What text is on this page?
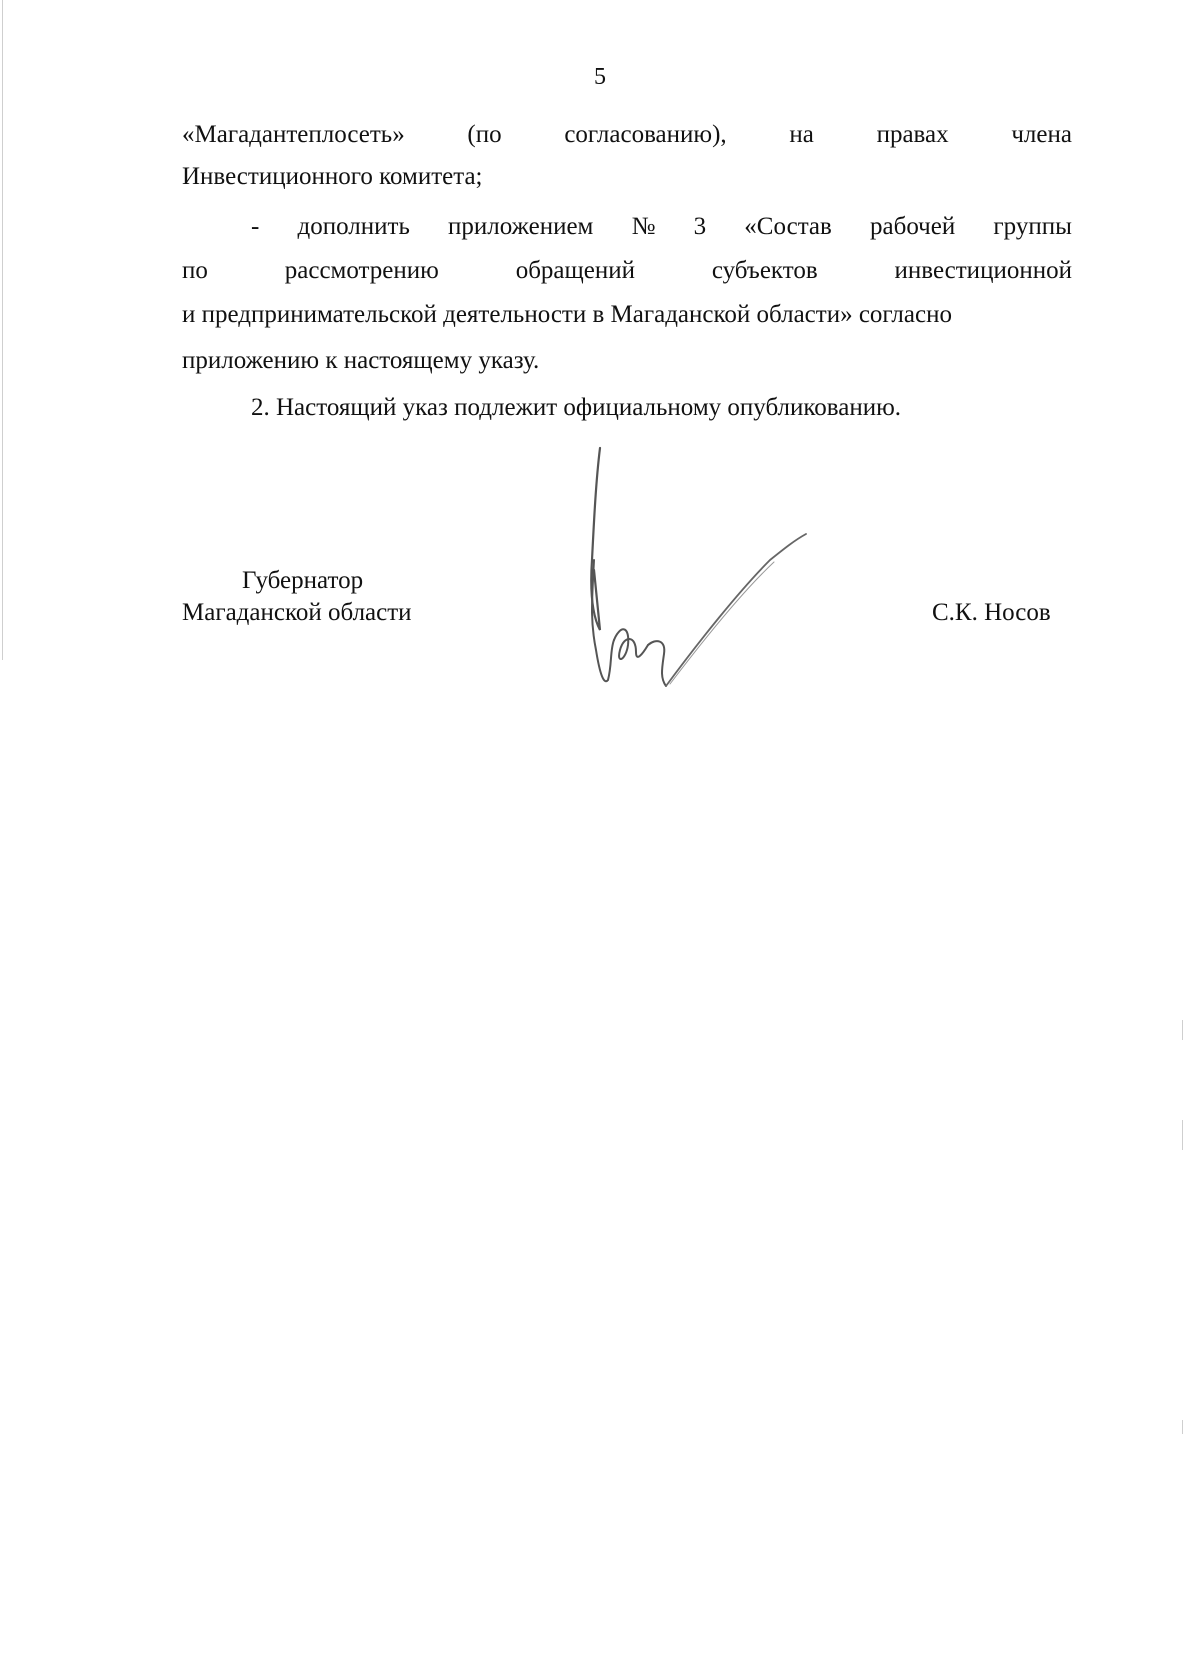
5
«Магадантеплосеть»	(по	согласованию),	на	правах	члена
Инвестиционного комитета;
- дополнить приложением № 3 «Состав рабочей группы
по	рассмотрению	обращений	субъектов	инвестиционной
и предпринимательской деятельности в Магаданской области» согласно
приложению к настоящему указу.
2. Настоящий указ подлежит официальному опубликованию.
Губернатор
Магаданской области	С.К. Носов
